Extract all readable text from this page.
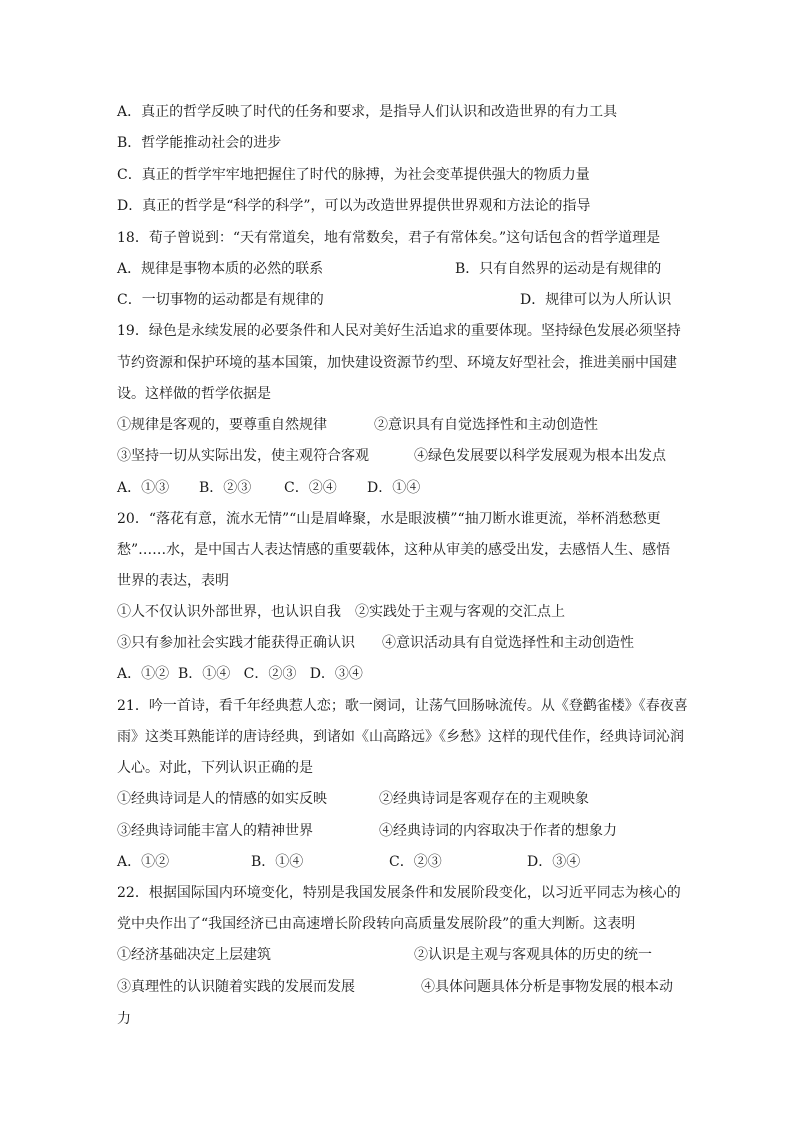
A．真正的哲学反映了时代的任务和要求，是指导人们认识和改造世界的有力工具
B．哲学能推动社会的进步
C．真正的哲学牢牢地把握住了时代的脉搏，为社会变革提供强大的物质力量
D．真正的哲学是“科学的科学”，可以为改造世界提供世界观和方法论的指导
18．荀子曾说到：“天有常道矣，地有常数矣，君子有常体矣。”这句话包含的哲学道理是
A．规律是事物本质的必然的联系	B．只有自然界的运动是有规律的
C．一切事物的运动都是有规律的	D．规律可以为人所认识
19．绿色是永续发展的必要条件和人民对美好生活追求的重要体现。坚持绿色发展必须坚持
节约资源和保护环境的基本国策，加快建设资源节约型、环境友好型社会，推进美丽中国建
设。这样做的哲学依据是
①规律是客观的，要尊重自然规律	②意识具有自觉选择性和主动创造性
③坚持一切从实际出发，使主观符合客观	④绿色发展要以科学发展观为根本出发点
A．①③ B．②③ C．②④ D．①④
20．“落花有意，流水无情”“山是眉峰聚，水是眼波横”“抽刀断水谁更流，举杯消愁愁更
愁”……水，是中国古人表达情感的重要载体，这种从审美的感受出发，去感悟人生、感悟
世界的表达，表明
①人不仅认识外部世界，也认识自我　②实践处于主观与客观的交汇点上
③只有参加社会实践才能获得正确认识 ④意识活动具有自觉选择性和主动创造性
A．①②  B．①④   C．②③   D．③④
21．吟一首诗，看千年经典惹人恋；歌一阕词，让荡气回肠咏流传。从《登鹳雀楼》《春夜喜
雨》这类耳熟能详的唐诗经典，到诸如《山高路远》《乡愁》这样的现代佳作，经典诗词沁润
人心。对此，下列认识正确的是
①经典诗词是人的情感的如实反映	②经典诗词是客观存在的主观映象
③经典诗词能丰富人的精神世界	④经典诗词的内容取决于作者的想象力
A．①②	B．①④	C．②③	D．③④
22．根据国际国内环境变化，特别是我国发展条件和发展阶段变化，以习近平同志为核心的
党中央作出了“我国经济已由高速增长阶段转向高质量发展阶段”的重大判断。这表明
①经济基础决定上层建筑	②认识是主观与客观具体的历史的统一
③真理性的认识随着实践的发展而发展	④具体问题具体分析是事物发展的根本动
力
